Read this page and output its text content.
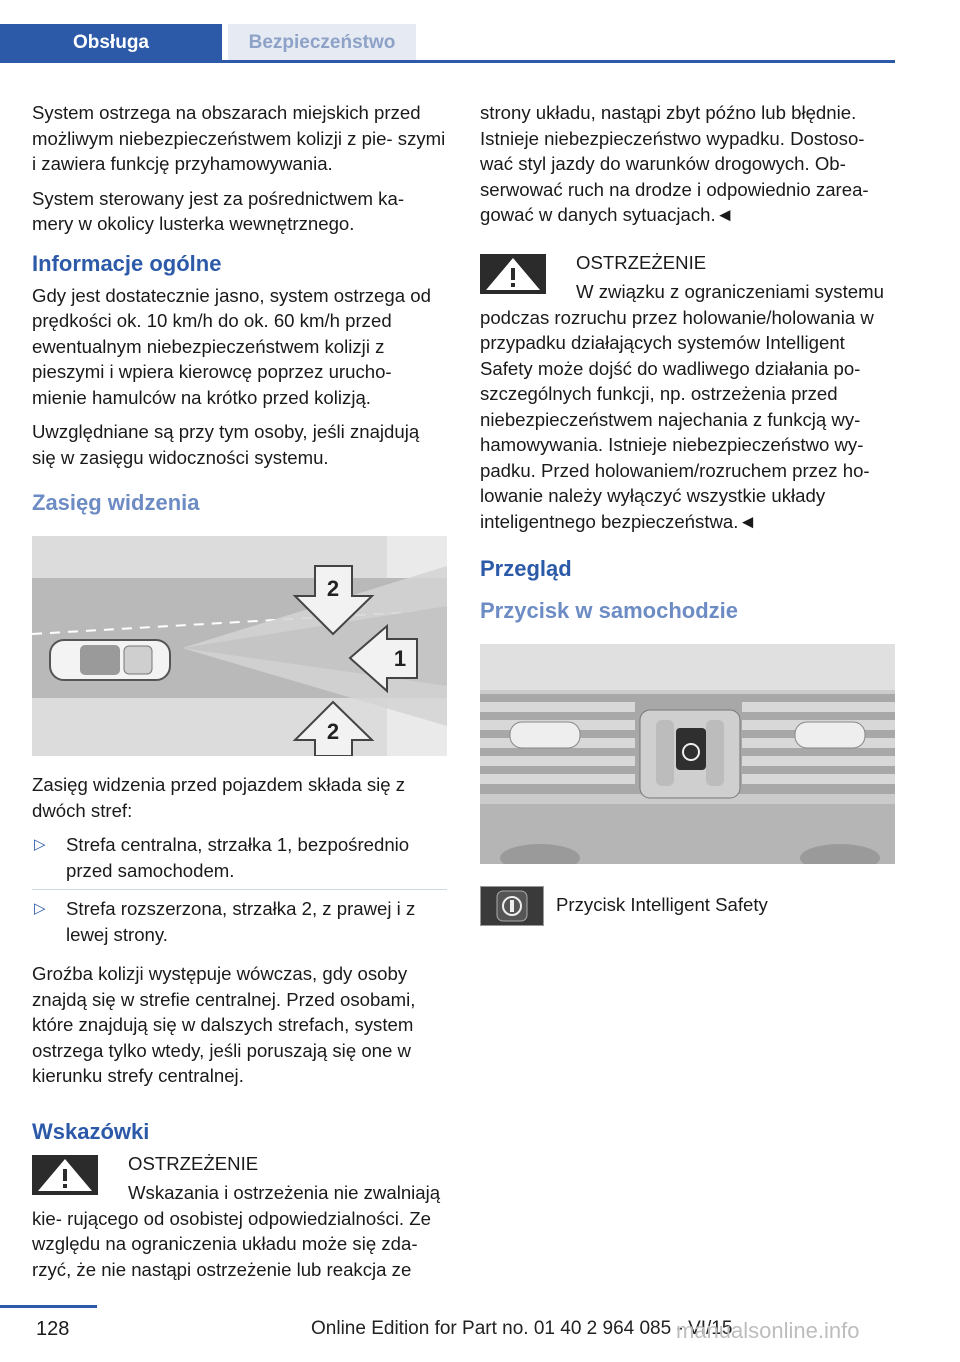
Obsługa	Bezpieczeństwo

System ostrzega na obszarach miejskich przed możliwym niebezpieczeństwem kolizji z pie- szymi i zawiera funkcję przyhamowywania.

System sterowany jest za pośrednictwem ka- mery w okolicy lusterka wewnętrznego.

Informacje ogólne

Gdy jest dostatecznie jasno, system ostrzega od prędkości ok. 10 km/h do ok. 60 km/h przed ewentualnym niebezpieczeństwem kolizji z pieszymi i wpiera kierowcę poprzez urucho- mienie hamulców na krótko przed kolizją.

Uwzględniane są przy tym osoby, jeśli znajdują się w zasięgu widoczności systemu.

Zasięg widzenia
2
1
2

Zasięg widzenia przed pojazdem składa się z dwóch stref:

▷ Strefa centralna, strzałka 1, bezpośrednio przed samochodem.
▷ Strefa rozszerzona, strzałka 2, z prawej i z lewej strony.

Groźba kolizji występuje wówczas, gdy osoby znajdą się w strefie centralnej. Przed osobami, które znajdują się w dalszych strefach, system ostrzega tylko wtedy, jeśli poruszają się one w kierunku strefy centralnej.

Wskazówki

OSTRZEŻENIE

Wskazania i ostrzeżenia nie zwalniają kie- rującego od osobistej odpowiedzialności. Ze względu na ograniczenia układu może się zda- rzyć, że nie nastąpi ostrzeżenie lub reakcja ze

strony układu, nastąpi zbyt późno lub błędnie. Istnieje niebezpieczeństwo wypadku. Dostoso- wać styl jazdy do warunków drogowych. Ob- serwować ruch na drodze i odpowiednio zarea- gować w danych sytuacjach.◄

OSTRZEŻENIE

W związku z ograniczeniami systemu podczas rozruchu przez holowanie/holowania w przypadku działających systemów Intelligent Safety może dojść do wadliwego działania po- szczególnych funkcji, np. ostrzeżenia przed niebezpieczeństwem najechania z funkcją wy- hamowywania. Istnieje niebezpieczeństwo wy- padku. Przed holowaniem/rozruchem przez ho- lowanie należy wyłączyć wszystkie układy inteligentnego bezpieczeństwa.◄

Przegląd
Przycisk w samochodzie

Przycisk Intelligent Safety

128	Online Edition for Part no. 01 40 2 964 085 - VI/15
manualsonline.info
